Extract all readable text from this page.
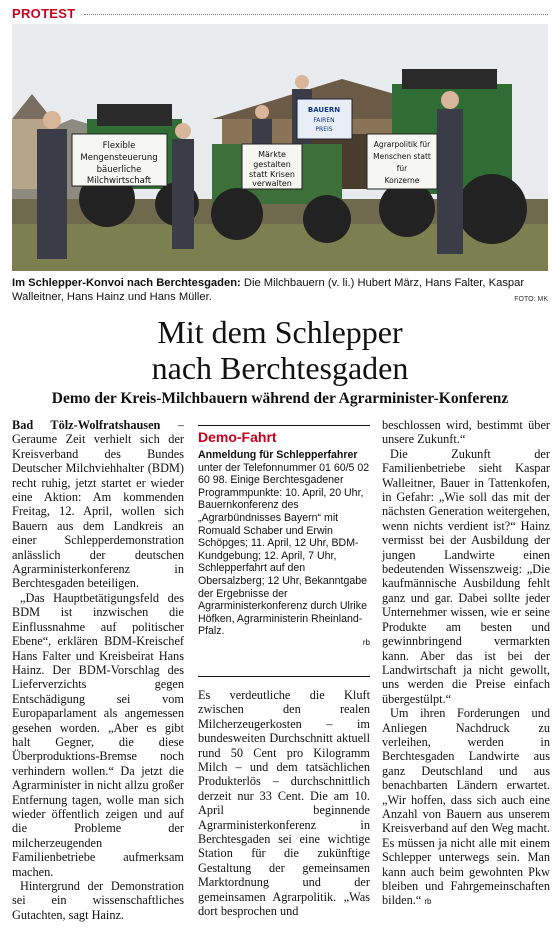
PROTEST
Flexible
Mengensteuerung
bäuerliche
Milchwirtschaft
BAUERN
FAIREN
PREIS
Märkte
gestalten
statt Krisen
verwalten
Agrarpolitik für
Menschen statt
für
Konzerne
Im Schlepper-Konvoi nach Berchtesgaden: Die Milchbauern (v. li.) Hubert März, Hans Falter, Kaspar Walleitner, Hans Hainz und Hans Müller.	FOTO: MK
Mit dem Schlepper
nach Berchtesgaden
Demo der Kreis-Milchbauern während der Agrarminister-Konferenz

Bad Tölz-Wolfratshausen – Geraume Zeit verhielt sich der Kreisverband des Bundes Deutscher Milchviehhalter (BDM) recht ruhig, jetzt startet er wieder eine Aktion: Am kommenden Freitag, 12. April, wollen sich Bauern aus dem Landkreis an einer Schlepperdemonstration anlässlich der deutschen Agrarministerkonferenz in Berchtesgaden beteiligen.

„Das Hauptbetätigungsfeld des BDM ist inzwischen die Einflussnahme auf politischer Ebene“, erklären BDM-Kreischef Hans Falter und Kreisbeirat Hans Hainz. Der BDM-Vorschlag des Lieferverzichts gegen Entschädigung sei vom Europaparlament als angemessen gesehen worden. „Aber es gibt halt Gegner, die diese Überproduktions-Bremse noch verhindern wollen.“ Da jetzt die Agrarminister in nicht allzu großer Entfernung tagen, wolle man sich wieder öffentlich zeigen und auf die Probleme der milcherzeugenden Familienbetriebe aufmerksam machen.

Hintergrund der Demonstration sei ein wissenschaftliches Gutachten, sagt Hainz.

Demo-Fahrt
Anmeldung für Schlepperfahrer unter der Telefonnummer 01 60/5 02 60 98. Einige Berchtesgadener Programmpunkte: 10. April, 20 Uhr, Bauernkonferenz des „Agrarbündnisses Bayern“ mit Romuald Schaber und Erwin Schöpges; 11. April, 12 Uhr, BDM-Kundgebung; 12. April, 7 Uhr, Schlepperfahrt auf den Obersalzberg; 12 Uhr, Bekanntgabe der Ergebnisse der Agrarministerkonferenz durch Ulrike Höfken, Agrarministerin Rheinland-Pfalz.
rb

Es verdeutliche die Kluft zwischen den realen Milcherzeugerkosten – im bundesweiten Durchschnitt aktuell rund 50 Cent pro Kilogramm Milch – und dem tatsächlichen Produkterlös – durchschnittlich derzeit nur 33 Cent. Die am 10. April beginnende Agrarministerkonferenz in Berchtesgaden sei eine wichtige Station für die zukünftige Gestaltung der gemeinsamen Marktordnung und der gemeinsamen Agrarpolitik. „Was dort besprochen und

beschlossen wird, bestimmt über unsere Zukunft.“

Die Zukunft der Familienbetriebe sieht Kaspar Walleitner, Bauer in Tattenkofen, in Gefahr: „Wie soll das mit der nächsten Generation weitergehen, wenn nichts verdient ist?“ Hainz vermisst bei der Ausbildung der jungen Landwirte einen bedeutenden Wissenszweig: „Die kaufmännische Ausbildung fehlt ganz und gar. Dabei sollte jeder Unternehmer wissen, wie er seine Produkte am besten und gewinnbringend vermarkten kann. Aber das ist bei der Landwirtschaft ja nicht gewollt, uns werden die Preise einfach übergestülpt.“

Um ihren Forderungen und Anliegen Nachdruck zu verleihen, werden in Berchtesgaden Landwirte aus ganz Deutschland und aus benachbarten Ländern erwartet. „Wir hoffen, dass sich auch eine Anzahl von Bauern aus unserem Kreisverband auf den Weg macht. Es müssen ja nicht alle mit einem Schlepper unterwegs sein. Man kann auch beim gewohnten Pkw bleiben und Fahrgemeinschaften bilden.“ rb
